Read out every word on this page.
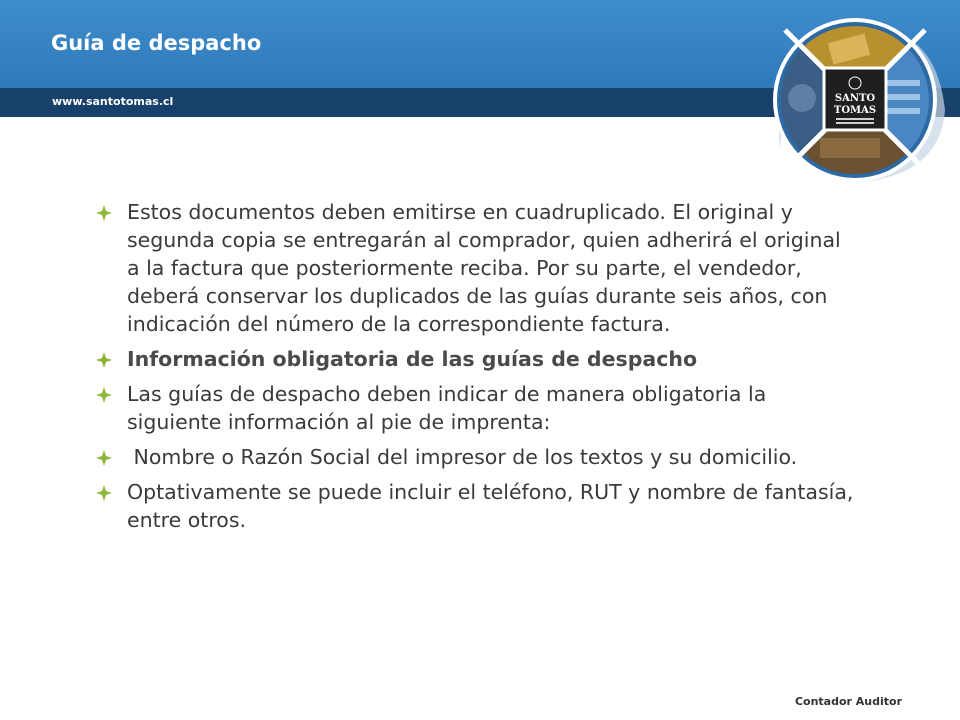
Guía de despacho
www.santotomas.cl	SANTO
TOMAS
Estos documentos deben emitirse en cuadruplicado. El original y segunda copia se entregarán al comprador, quien adherirá el original a la factura que posteriormente reciba. Por su parte, el vendedor, deberá conservar los duplicados de las guías durante seis años, con indicación del número de la correspondiente factura.
Información obligatoria de las guías de despacho
Las guías de despacho deben indicar de manera obligatoria la siguiente información al pie de imprenta:
Nombre o Razón Social del impresor de los textos y su domicilio.
Optativamente se puede incluir el teléfono, RUT y nombre de fantasía, entre otros.
Contador Auditor
